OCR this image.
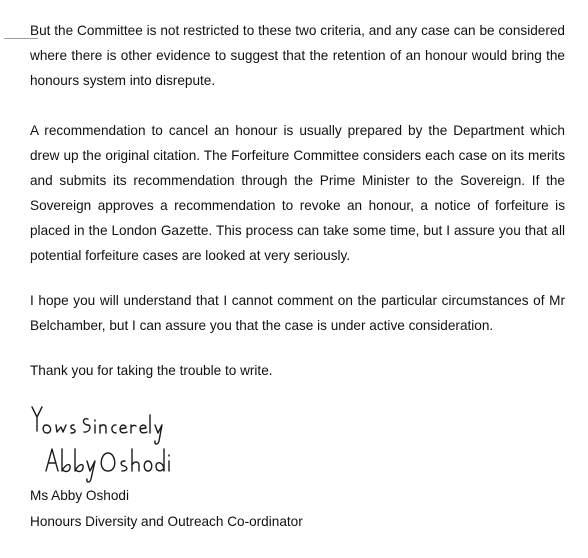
But the Committee is not restricted to these two criteria, and any case can be considered where there is other evidence to suggest that the retention of an honour would bring the honours system into disrepute.

A recommendation to cancel an honour is usually prepared by the Department which drew up the original citation. The Forfeiture Committee considers each case on its merits and submits its recommendation through the Prime Minister to the Sovereign. If the Sovereign approves a recommendation to revoke an honour, a notice of forfeiture is placed in the London Gazette. This process can take some time, but I assure you that all potential forfeiture cases are looked at very seriously.

I hope you will understand that I cannot comment on the particular circumstances of Mr Belchamber, but I can assure you that the case is under active consideration.

Thank you for taking the trouble to write.

Ms Abby Oshodi

Honours Diversity and Outreach Co-ordinator
